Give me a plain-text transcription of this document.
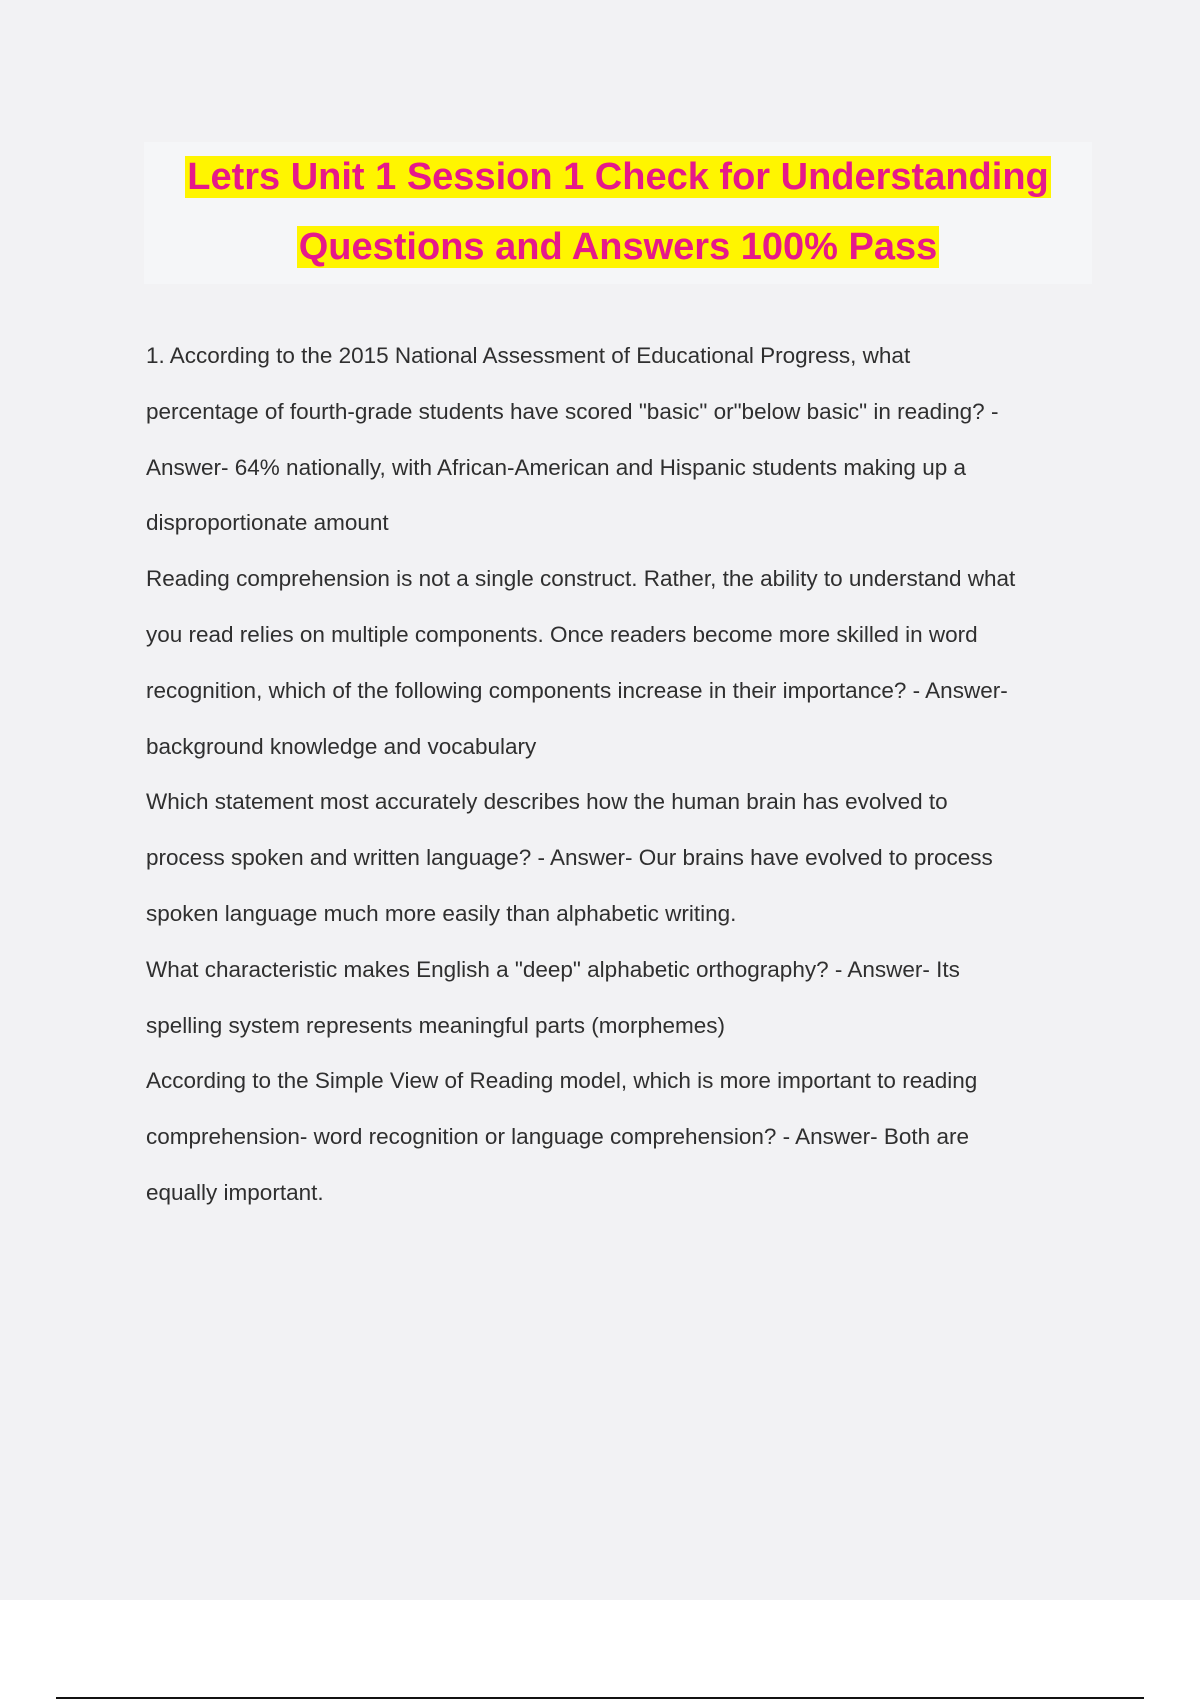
Letrs Unit 1 Session 1 Check for Understanding
Questions and Answers 100% Pass
1. According to the 2015 National Assessment of Educational Progress, what
percentage of fourth-grade students have scored "basic" or"below basic" in reading? -
Answer- 64% nationally, with African-American and Hispanic students making up a
disproportionate amount
Reading comprehension is not a single construct. Rather, the ability to understand what
you read relies on multiple components. Once readers become more skilled in word
recognition, which of the following components increase in their importance? - Answer-
background knowledge and vocabulary
Which statement most accurately describes how the human brain has evolved to
process spoken and written language? - Answer- Our brains have evolved to process
spoken language much more easily than alphabetic writing.
What characteristic makes English a "deep" alphabetic orthography? - Answer- Its
spelling system represents meaningful parts (morphemes)
According to the Simple View of Reading model, which is more important to reading
comprehension- word recognition or language comprehension? - Answer- Both are
equally important.
